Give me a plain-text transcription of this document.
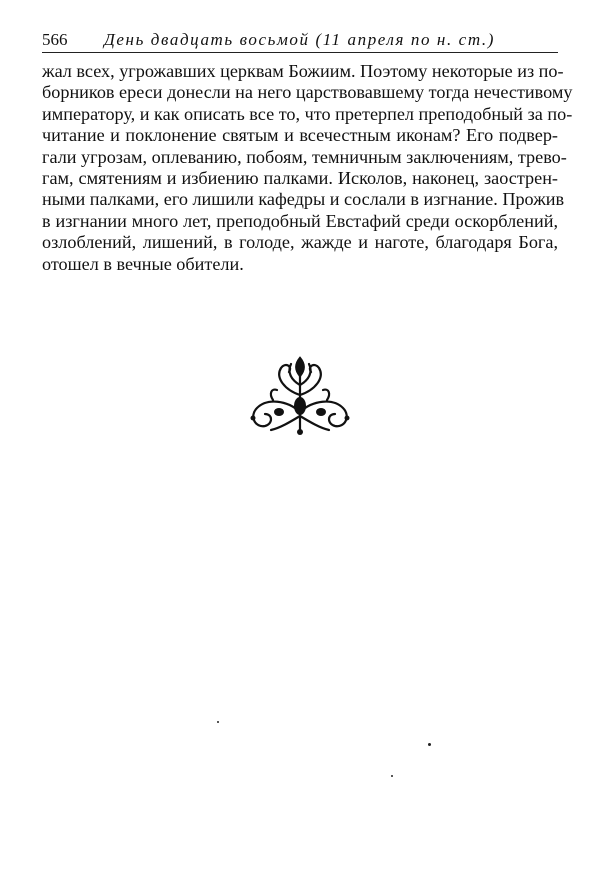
566 День двадцать восьмой (11 апреля по н. ст.)
жал всех, угрожавших церквам Божиим. Поэтому некоторые из по-
борников ереси донесли на него царствовавшему тогда нечестивому
императору, и как описать все то, что претерпел преподобный за по-
читание и поклонение святым и всечестным иконам? Его подвер-
гали угрозам, оплеванию, побоям, темничным заключениям, трево-
гам, смятениям и избиению палками. Исколов, наконец, заострен-
ными палками, его лишили кафедры и сослали в изгнание. Прожив
в изгнании много лет, преподобный Евстафий среди оскорблений,
озлоблений, лишений, в голоде, жажде и наготе, благодаря Бога,
отошел в вечные обители.
